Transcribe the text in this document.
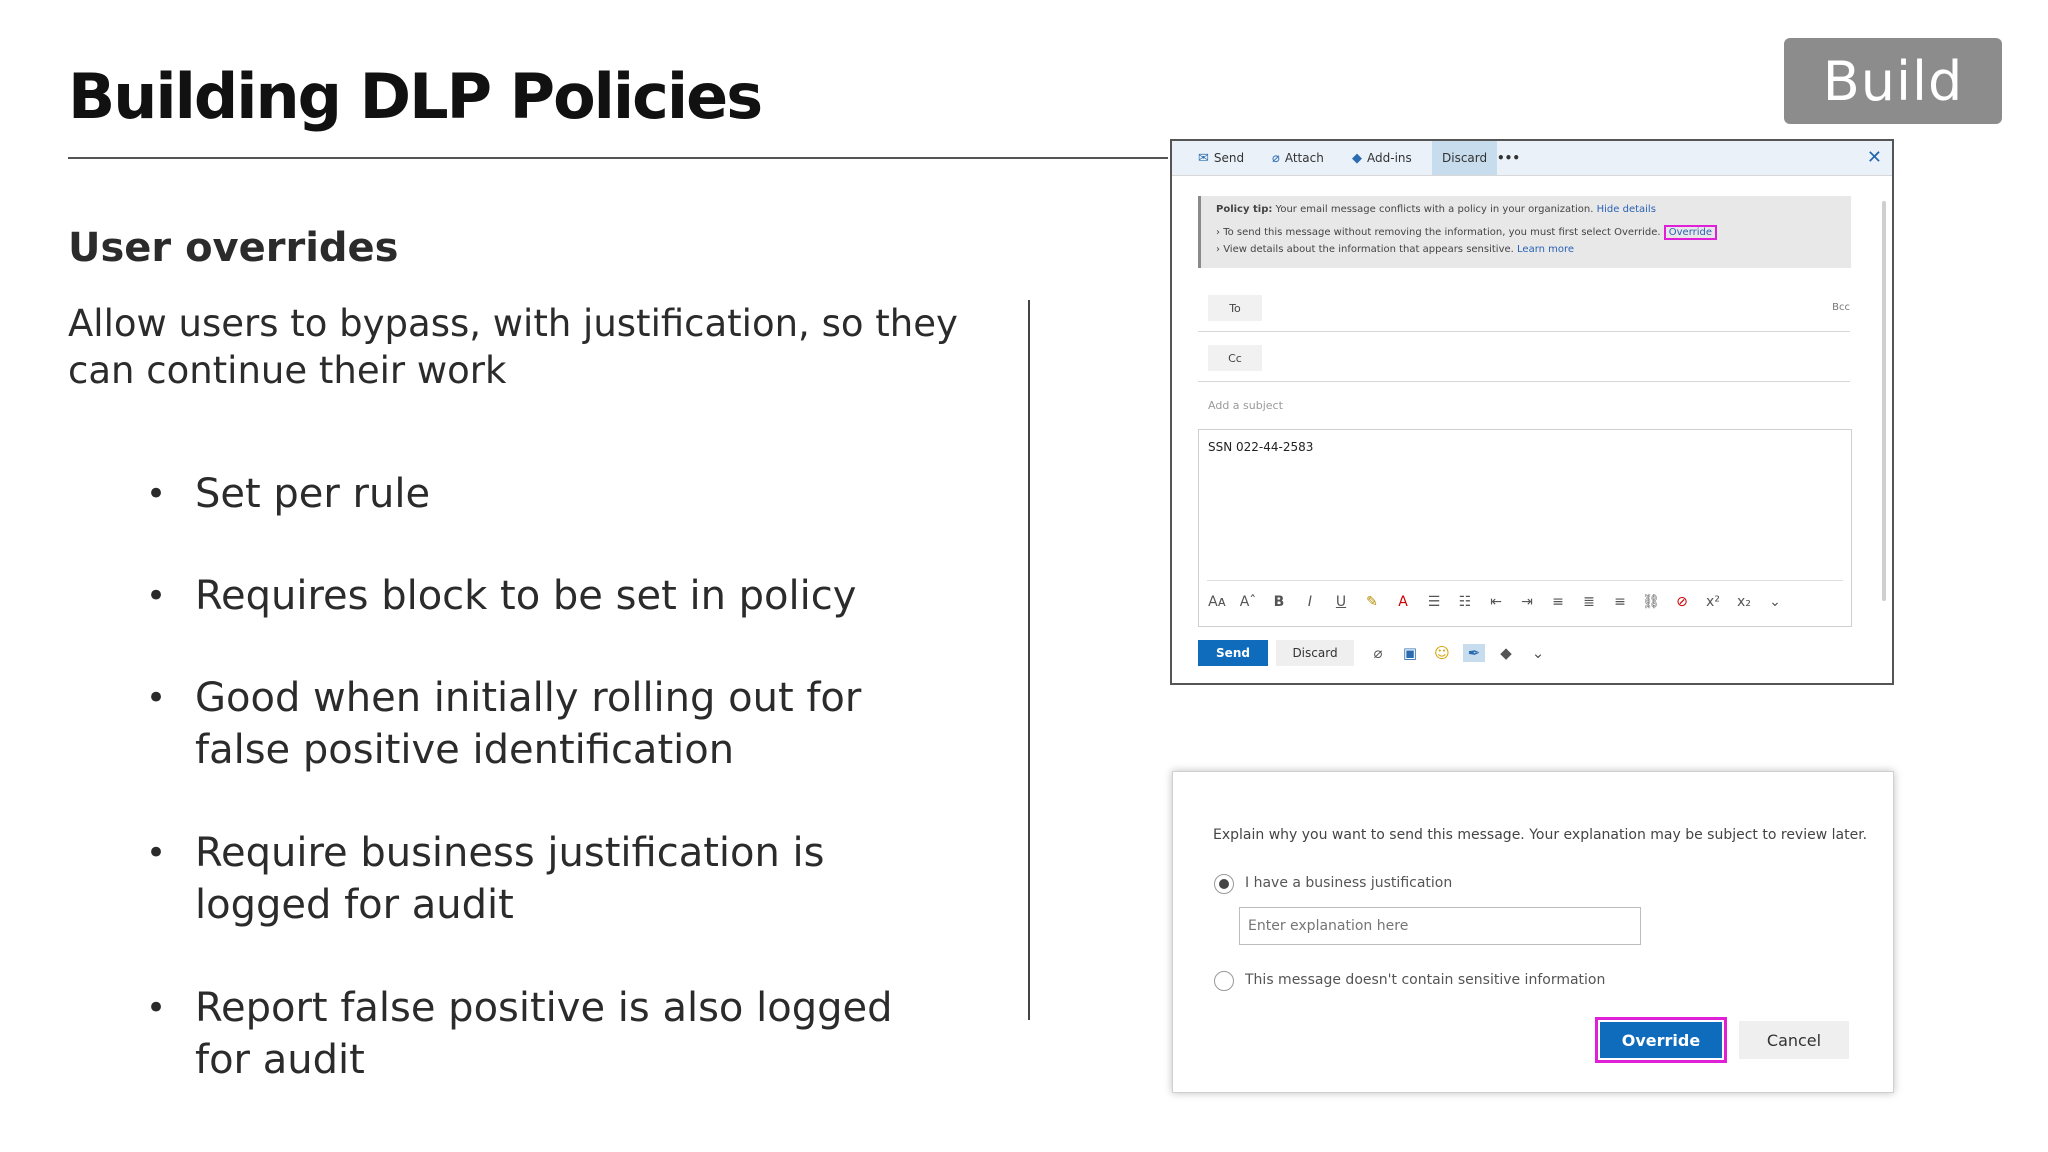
Building DLP Policies	Build
User overrides
Allow users to bypass, with justification, so they can continue their work
• Set per rule
• Requires block to be set in policy
• Good when initially rolling out for false positive identification
• Require business justification is logged for audit
• Report false positive is also logged for audit
✉ Send ⌀ Attach ◆ Add-ins	Discard •••	✕
Policy tip: Your email message conflicts with a policy in your organization. Hide details
› To send this message without removing the information, you must first select Override. Override
› View details about the information that appears sensitive. Learn more
To	Bcc
Cc
Add a subject
SSN 022-44-2583
Aᴀ Aˆ	B	I	U	✎	A	☰ ☷ ⇤ ⇥ ≡ ≣ ≡ ⛓ ⊘ x² x₂ ⌄
Send	Discard	⌀	▣ ☺	✒	◆	⌄
Explain why you want to send this message. Your explanation may be subject to review later.
I have a business justification
Enter explanation here
This message doesn't contain sensitive information
Override	Cancel
